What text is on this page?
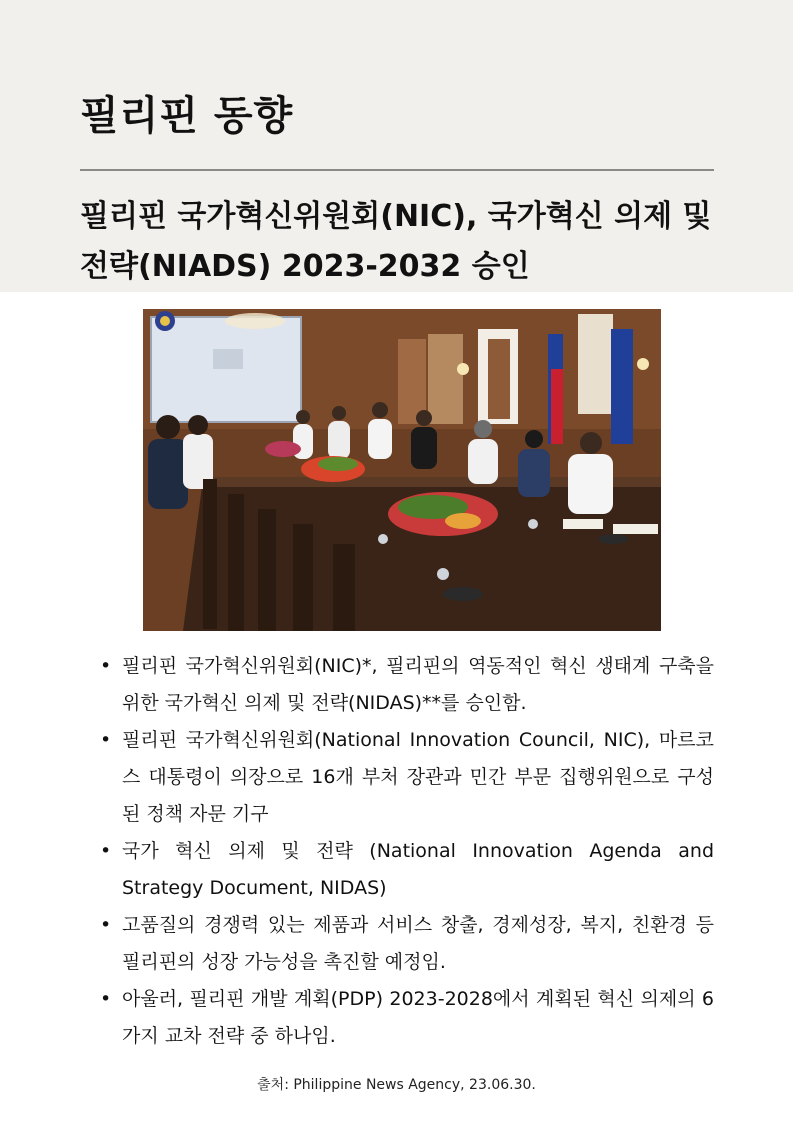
필리핀 동향
필리핀 국가혁신위원회(NIC), 국가혁신 의제 및 전략(NIADS) 2023-2032 승인
• 필리핀 국가혁신위원회(NIC)*, 필리핀의 역동적인 혁신 생태계 구축을 위한 국가혁신 의제 및 전략(NIDAS)**를 승인함.
• 필리핀 국가혁신위원회(National Innovation Council, NIC), 마르코스 대통령이 의장으로 16개 부처 장관과 민간 부문 집행위원으로 구성된 정책 자문 기구
• 국가 혁신 의제 및 전략 (National Innovation Agenda and Strategy Document, NIDAS)
• 고품질의 경쟁력 있는 제품과 서비스 창출, 경제성장, 복지, 친환경 등 필리핀의 성장 가능성을 촉진할 예정임.
• 아울러, 필리핀 개발 계획(PDP) 2023-2028에서 계획된 혁신 의제의 6가지 교차 전략 중 하나임.
출처: Philippine News Agency, 23.06.30.
